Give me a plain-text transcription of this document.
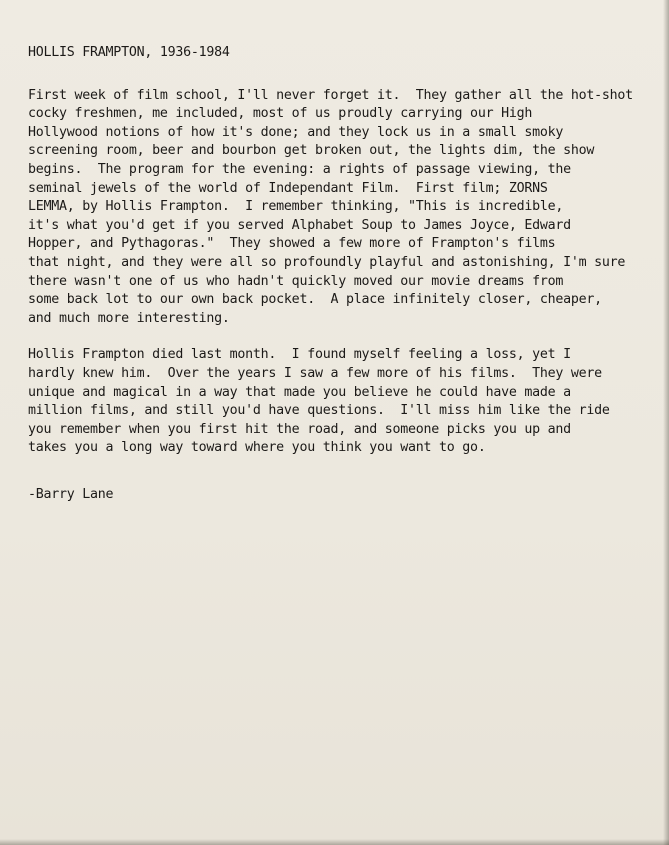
HOLLIS FRAMPTON, 1936-1984
First week of film school, I'll never forget it.  They gather all the hot-shot
cocky freshmen, me included, most of us proudly carrying our High
Hollywood notions of how it's done; and they lock us in a small smoky
screening room, beer and bourbon get broken out, the lights dim, the show
begins.  The program for the evening: a rights of passage viewing, the
seminal jewels of the world of Independant Film.  First film; ZORNS
LEMMA, by Hollis Frampton.  I remember thinking, "This is incredible,
it's what you'd get if you served Alphabet Soup to James Joyce, Edward
Hopper, and Pythagoras."  They showed a few more of Frampton's films
that night, and they were all so profoundly playful and astonishing, I'm sure
there wasn't one of us who hadn't quickly moved our movie dreams from
some back lot to our own back pocket.  A place infinitely closer, cheaper,
and much more interesting.
Hollis Frampton died last month.  I found myself feeling a loss, yet I
hardly knew him.  Over the years I saw a few more of his films.  They were
unique and magical in a way that made you believe he could have made a
million films, and still you'd have questions.  I'll miss him like the ride
you remember when you first hit the road, and someone picks you up and
takes you a long way toward where you think you want to go.
-Barry Lane
